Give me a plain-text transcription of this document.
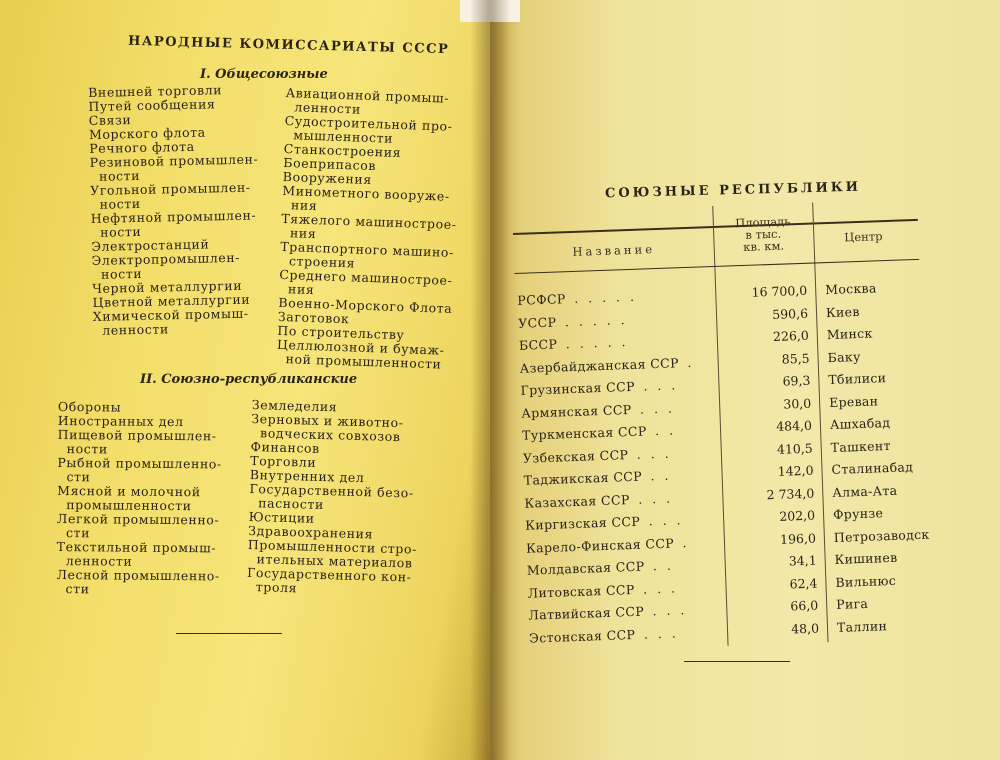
НАРОДНЫЕ КОМИССАРИАТЫ СССР
I. Общесоюзные
Внешней торговли
Путей сообщения
Связи
Морского флота
Речного флота
Резиновой промышлен-
ности
Угольной промышлен-
ности
Нефтяной промышлен-
ности
Электростанций
Электропромышлен-
ности
Черной металлургии
Цветной металлургии
Химической промыш-
ленности
Авиационной промыш-
ленности
Судостроительной про-
мышленности
Станкостроения
Боеприпасов
Вооружения
Минометного вооруже-
ния
Тяжелого машинострое-
ния
Транспортного машино-
строения
Среднего машинострое-
ния
Военно-Морского Флота
Заготовок
По строительству
Целлюлозной и бумаж-
ной промышленности
II. Союзно-республиканские
Обороны
Иностранных дел
Пищевой промышлен-
ности
Рыбной промышленно-
сти
Мясной и молочной
промышленности
Легкой промышленно-
сти
Текстильной промыш-
ленности
Лесной промышленно-
сти
Земледелия
Зерновых и животно-
водческих совхозов
Финансов
Торговли
Внутренних дел
Государственной безо-
пасности
Юстиции
Здравоохранения
Промышленности стро-
ительных материалов
Государственного кон-
троля
СОЮЗНЫЕ РЕСПУБЛИКИ
Название
Площадь
в тыс.
кв. км.
Центр
РСФСР . . . . .	16 700,0 Москва
УССР . . . . .	590,6 Киев
БССР . . . . .	226,0 Минск
Азербайджанская ССР .	85,5 Баку
Грузинская ССР . . .	69,3 Тбилиси
Армянская ССР . . .	30,0 Ереван
Туркменская ССР . .	484,0 Ашхабад
Узбекская ССР . . .	410,5 Ташкент
Таджикская ССР . .	142,0 Сталинабад
Казахская ССР . . .	2 734,0 Алма-Ата
Киргизская ССР . . .	202,0 Фрунзе
Карело-Финская ССР .	196,0 Петрозаводск
Молдавская ССР . .	34,1 Кишинев
Литовская ССР . . .	62,4 Вильнюс
Латвийская ССР . . .	66,0 Рига
Эстонская ССР . . .	48,0 Таллин
